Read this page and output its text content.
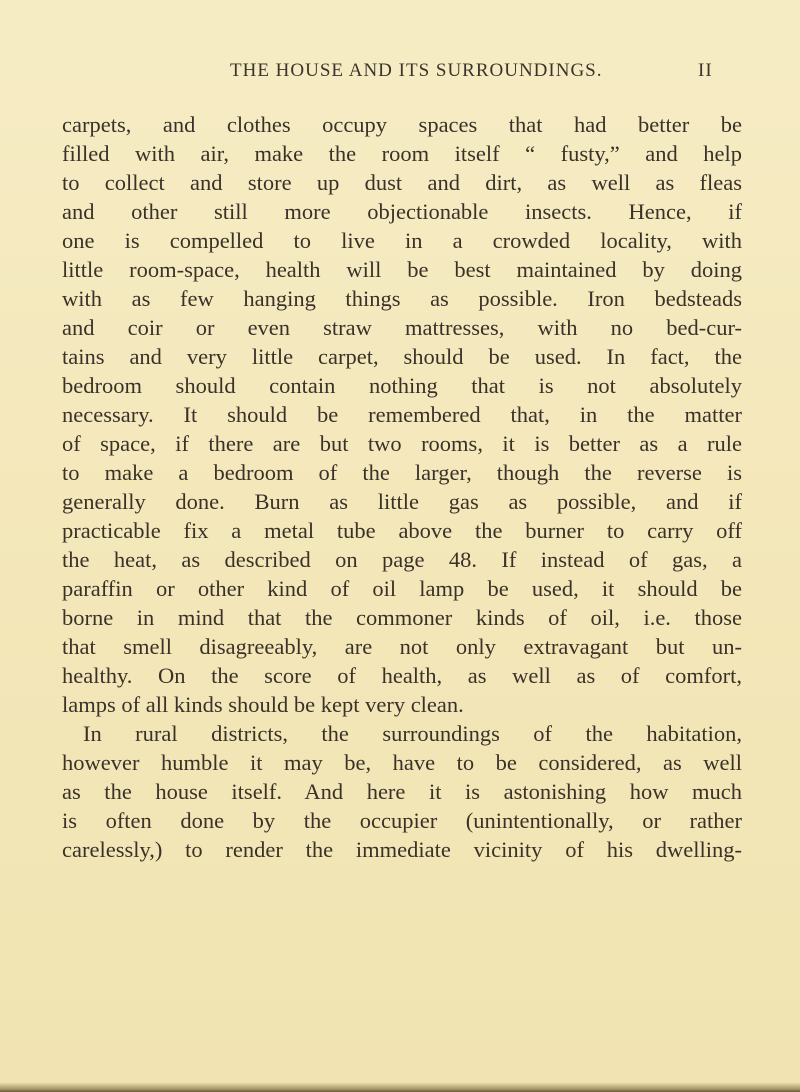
THE HOUSE AND ITS SURROUNDINGS.	II
carpets, and clothes occupy spaces that had better be
filled with air, make the room itself “ fusty,” and help
to collect and store up dust and dirt, as well as fleas
and other still more objectionable insects. Hence, if
one is compelled to live in a crowded locality, with
little room-space, health will be best maintained by doing
with as few hanging things as possible. Iron bedsteads
and coir or even straw mattresses, with no bed-cur-
tains and very little carpet, should be used. In fact, the
bedroom should contain nothing that is not absolutely
necessary. It should be remembered that, in the matter
of space, if there are but two rooms, it is better as a rule
to make a bedroom of the larger, though the reverse is
generally done. Burn as little gas as possible, and if
practicable fix a metal tube above the burner to carry off
the heat, as described on page 48. If instead of gas, a
paraffin or other kind of oil lamp be used, it should be
borne in mind that the commoner kinds of oil, i.e. those
that smell disagreeably, are not only extravagant but un-
healthy. On the score of health, as well as of comfort,
lamps of all kinds should be kept very clean.
In rural districts, the surroundings of the habitation,
however humble it may be, have to be considered, as well
as the house itself. And here it is astonishing how much
is often done by the occupier (unintentionally, or rather
carelessly,) to render the immediate vicinity of his dwelling-
